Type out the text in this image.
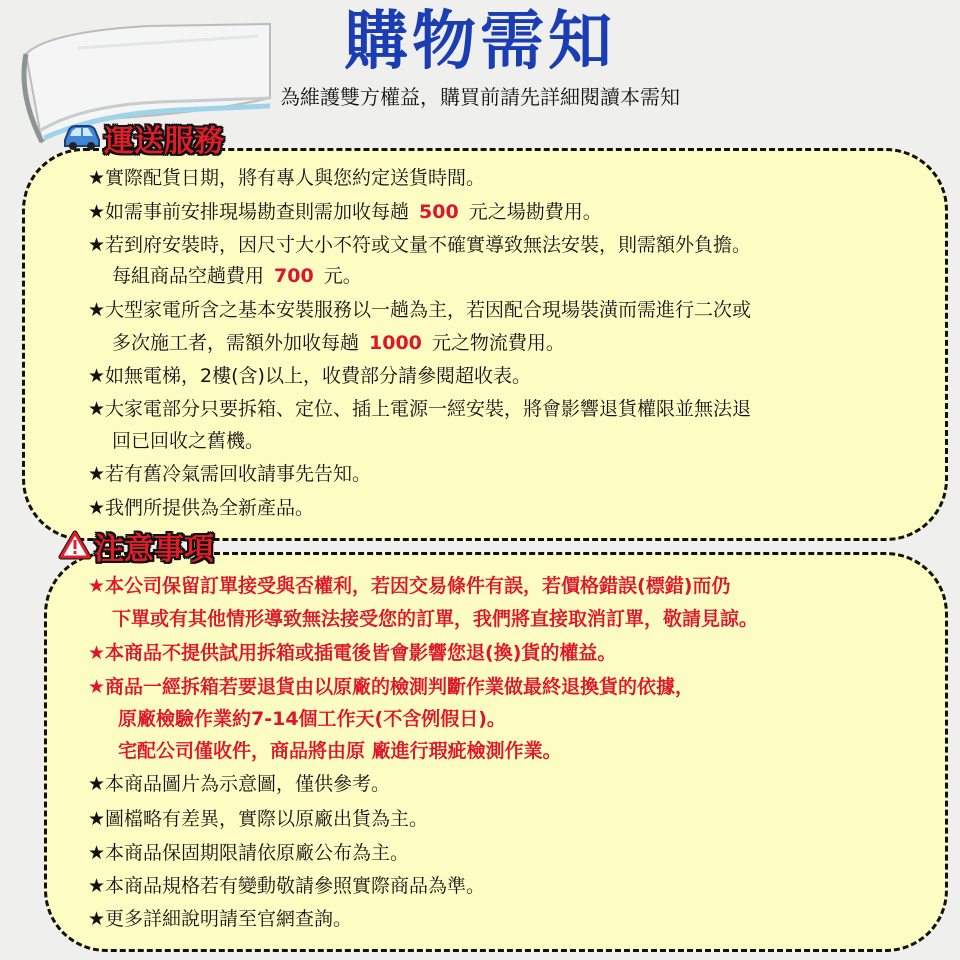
購物需知
為維護雙方權益，購買前請先詳細閱讀本需知
運送服務
★實際配貨日期，將有專人與您約定送貨時間。
★如需事前安排現場勘查則需加收每趟 500 元之場勘費用。
★若到府安裝時，因尺寸大小不符或文量不確實導致無法安裝，則需額外負擔。
每組商品空趟費用 700 元。
★大型家電所含之基本安裝服務以一趟為主，若因配合現場裝潢而需進行二次或
多次施工者，需額外加收每趟 1000 元之物流費用。
★如無電梯，2樓(含)以上，收費部分請參閱超收表。
★大家電部分只要拆箱、定位、插上電源一經安裝，將會影響退貨權限並無法退
回已回收之舊機。
★若有舊冷氣需回收請事先告知。
★我們所提供為全新產品。
注意事項
★本公司保留訂單接受與否權利，若因交易條件有誤，若價格錯誤(標錯)而仍
下單或有其他情形導致無法接受您的訂單，我們將直接取消訂單，敬請見諒。
★本商品不提供試用拆箱或插電後皆會影響您退(換)貨的權益。
★商品一經拆箱若要退貨由以原廠的檢測判斷作業做最終退換貨的依據，
原廠檢驗作業約7-14個工作天(不含例假日)。
宅配公司僅收件，商品將由原 廠進行瑕疵檢測作業。
★本商品圖片為示意圖，僅供參考。
★圖檔略有差異，實際以原廠出貨為主。
★本商品保固期限請依原廠公布為主。
★本商品規格若有變動敬請參照實際商品為準。
★更多詳細說明請至官網查詢。
